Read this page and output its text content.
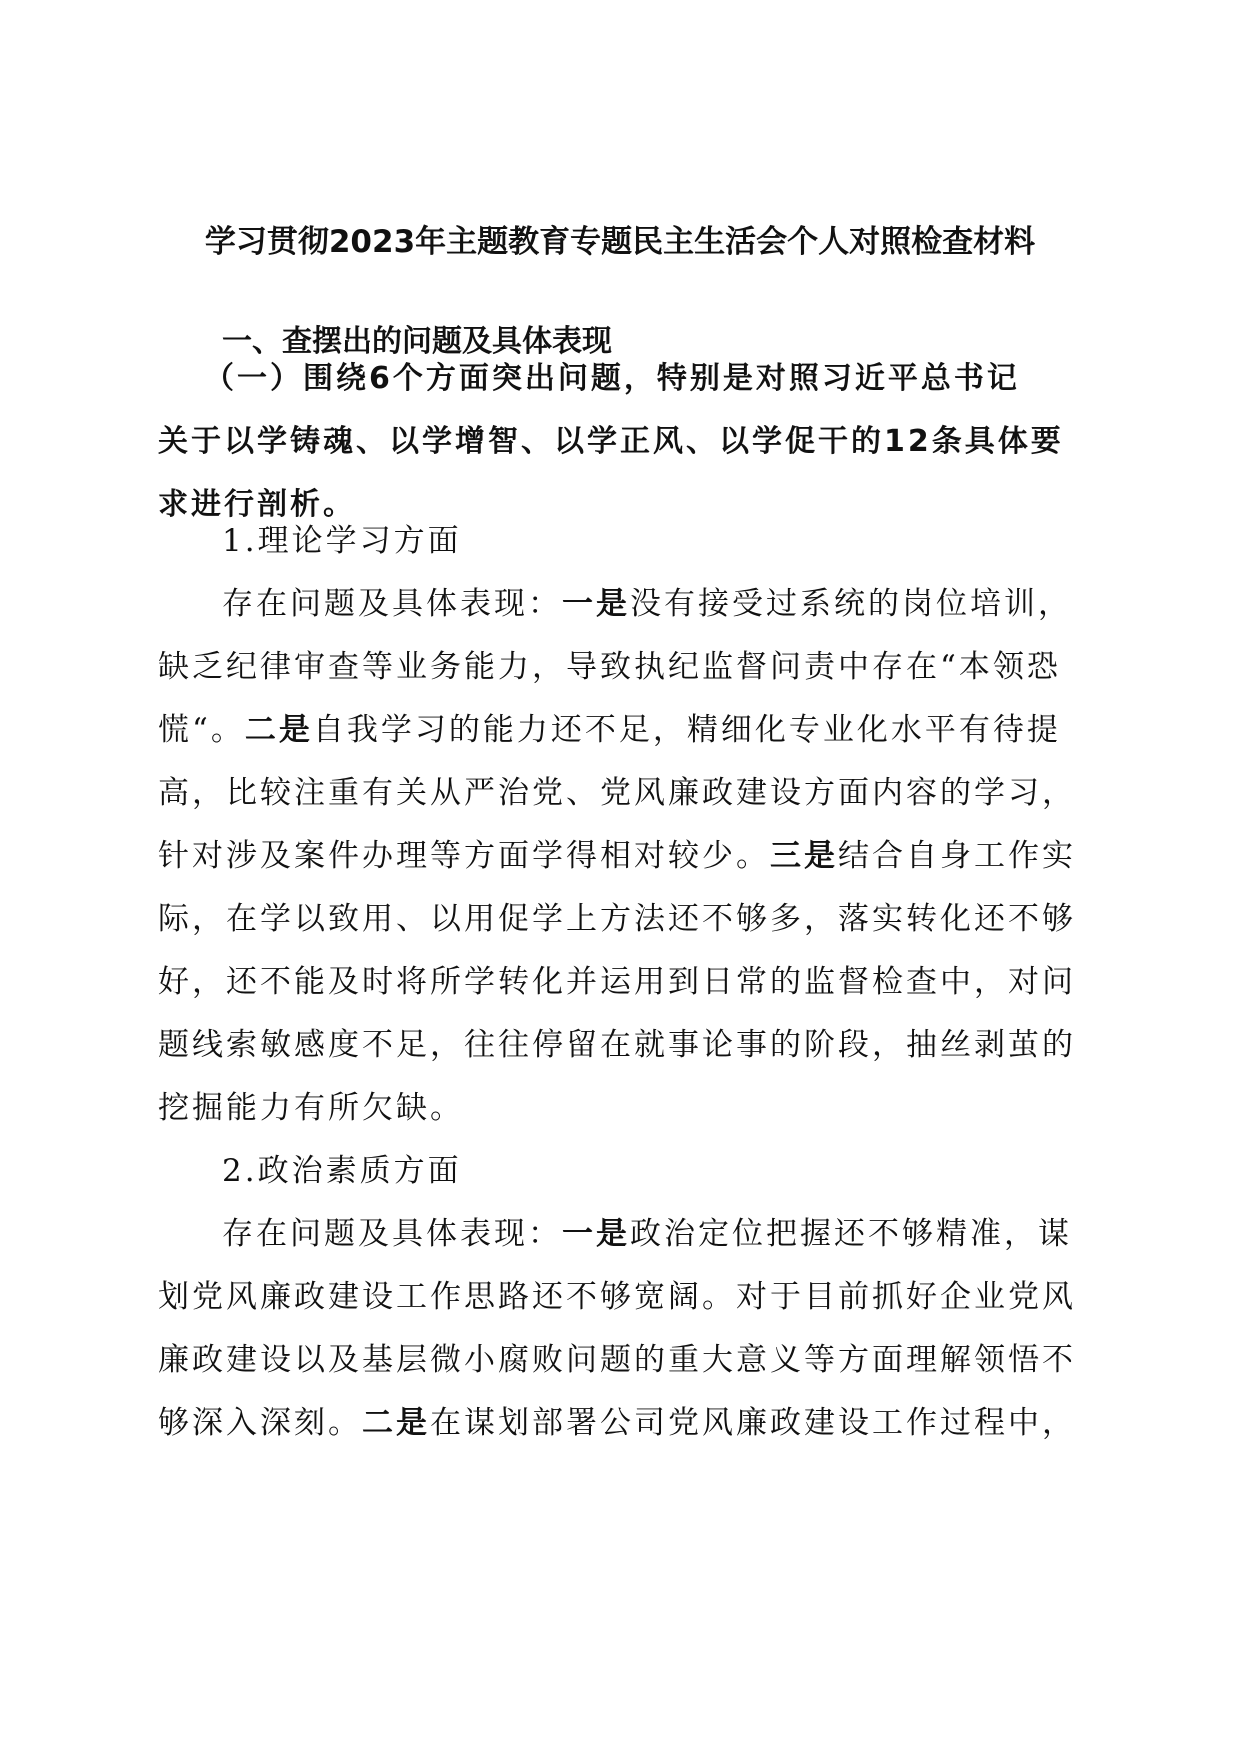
学习贯彻2023年主题教育专题民主生活会个人对照检查材料
一、查摆出的问题及具体表现
（一）围绕6个方面突出问题，特别是对照习近平总书记
关于以学铸魂、以学增智、以学正风、以学促干的12条具体要
求进行剖析。
1.理论学习方面
存在问题及具体表现：一是没有接受过系统的岗位培训，
缺乏纪律审查等业务能力，导致执纪监督问责中存在“本领恐
慌“。二是自我学习的能力还不足，精细化专业化水平有待提
高，比较注重有关从严治党、党风廉政建设方面内容的学习，
针对涉及案件办理等方面学得相对较少。三是结合自身工作实
际，在学以致用、以用促学上方法还不够多，落实转化还不够
好，还不能及时将所学转化并运用到日常的监督检查中，对问
题线索敏感度不足，往往停留在就事论事的阶段，抽丝剥茧的
挖掘能力有所欠缺。
2.政治素质方面
存在问题及具体表现：一是政治定位把握还不够精准，谋
划党风廉政建设工作思路还不够宽阔。对于目前抓好企业党风
廉政建设以及基层微小腐败问题的重大意义等方面理解领悟不
够深入深刻。二是在谋划部署公司党风廉政建设工作过程中，
